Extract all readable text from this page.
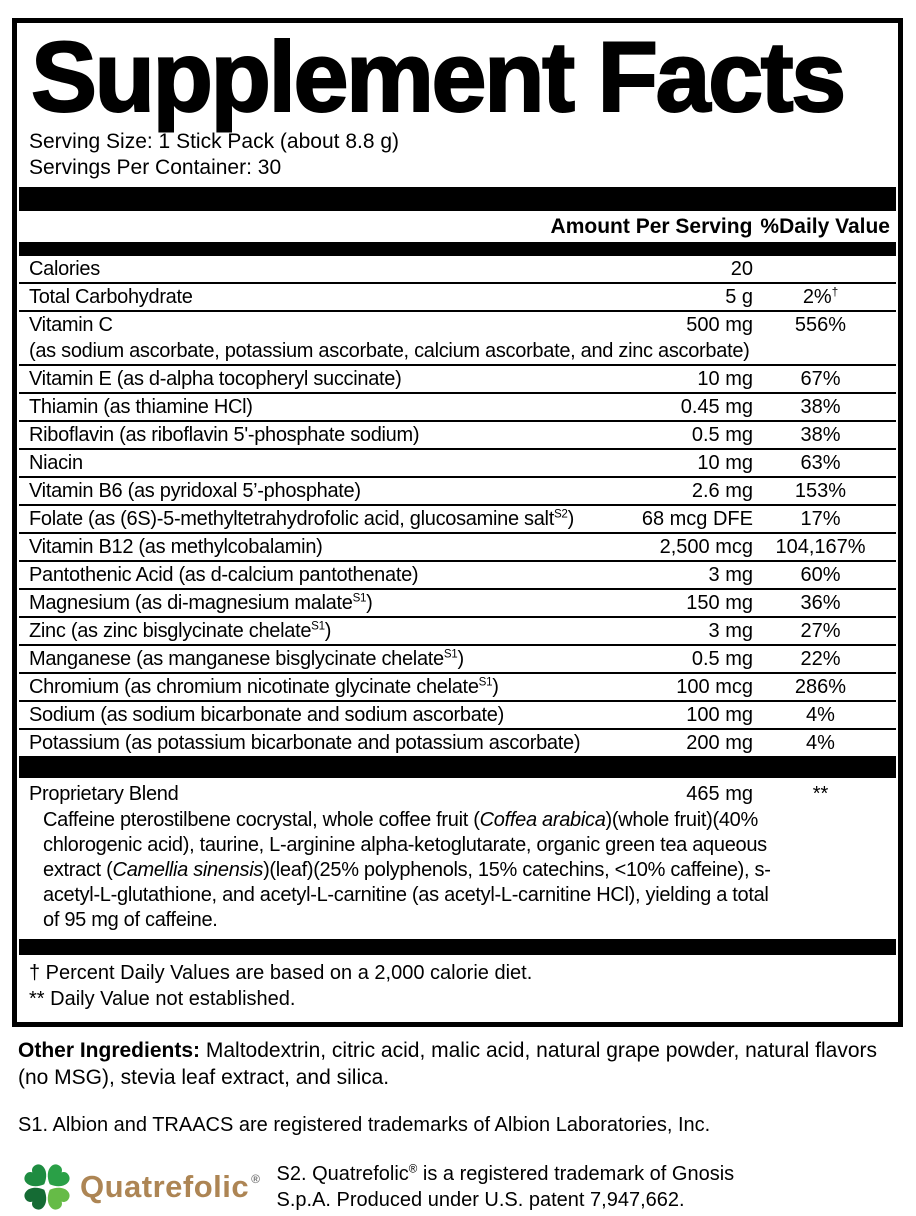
Supplement Facts
Serving Size: 1 Stick Pack (about 8.8 g)
Servings Per Container: 30
Amount Per Serving %Daily Value
Calories	20
Total Carbohydrate	5 g	2%†
Vitamin C	500 mg	556%
(as sodium ascorbate, potassium ascorbate, calcium ascorbate, and zinc ascorbate)
Vitamin E (as d-alpha tocopheryl succinate)	10 mg	67%
Thiamin (as thiamine HCl)	0.45 mg	38%
Riboflavin (as riboflavin 5'-phosphate sodium)	0.5 mg	38%
Niacin	10 mg	63%
Vitamin B6 (as pyridoxal 5’-phosphate)	2.6 mg	153%
Folate (as (6S)-5-methyltetrahydrofolic acid, glucosamine salt$^{S2}$)	68 mcg DFE	17%
Vitamin B12 (as methylcobalamin)	2,500 mcg	104,167%
Pantothenic Acid (as d-calcium pantothenate)	3 mg	60%
Magnesium (as di-magnesium malate$^{S1}$)	150 mg	36%
Zinc (as zinc bisglycinate chelate$^{S1}$)	3 mg	27%
Manganese (as manganese bisglycinate chelate$^{S1}$)	0.5 mg	22%
Chromium (as chromium nicotinate glycinate chelate$^{S1}$)	100 mcg	286%
Sodium (as sodium bicarbonate and sodium ascorbate)	100 mg	4%
Potassium (as potassium bicarbonate and potassium ascorbate)	200 mg	4%
Proprietary Blend	465 mg	**
Caffeine pterostilbene cocrystal, whole coffee fruit (Coffea arabica)(whole fruit)(40% chlorogenic acid), taurine, L-arginine alpha-ketoglutarate, organic green tea aqueous extract (Camellia sinensis)(leaf)(25% polyphenols, 15% catechins, <10% caffeine), s-acetyl-L-glutathione, and acetyl-L-carnitine (as acetyl-L-carnitine HCl), yielding a total of 95 mg of caffeine.
† Percent Daily Values are based on a 2,000 calorie diet.
** Daily Value not established.
Other Ingredients: Maltodextrin, citric acid, malic acid, natural grape powder, natural flavors (no MSG), stevia leaf extract, and silica.
S1. Albion and TRAACS are registered trademarks of Albion Laboratories, Inc.
Quatrefolic ® S2. Quatrefolic® is a registered trademark of Gnosis S.p.A. Produced under U.S. patent 7,947,662.
